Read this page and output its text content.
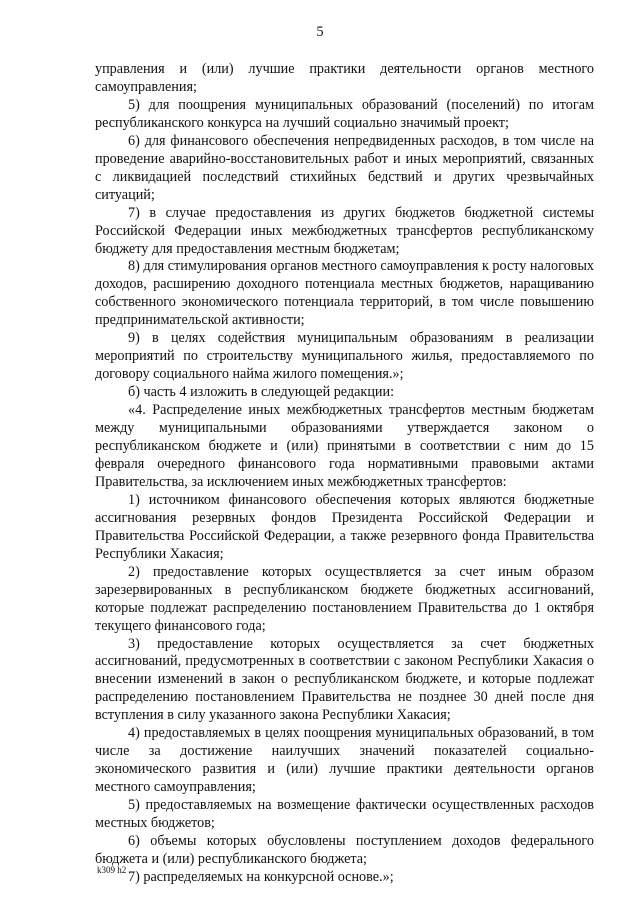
5

управления и (или) лучшие практики деятельности органов местного самоуправления;

5) для поощрения муниципальных образований (поселений) по итогам республиканского конкурса на лучший социально значимый проект;

6) для финансового обеспечения непредвиденных расходов, в том числе на проведение аварийно-восстановительных работ и иных мероприятий, связанных с ликвидацией последствий стихийных бедствий и других чрезвычайных ситуаций;

7) в случае предоставления из других бюджетов бюджетной системы Российской Федерации иных межбюджетных трансфертов республиканскому бюджету для предоставления местным бюджетам;

8) для стимулирования органов местного самоуправления к росту налоговых доходов, расширению доходного потенциала местных бюджетов, наращиванию собственного экономического потенциала территорий, в том числе повышению предпринимательской активности;

9) в целях содействия муниципальным образованиям в реализации мероприятий по строительству муниципального жилья, предоставляемого по договору социального найма жилого помещения.»;

б) часть 4 изложить в следующей редакции:

«4. Распределение иных межбюджетных трансфертов местным бюджетам между муниципальными образованиями утверждается законом о республиканском бюджете и (или) принятыми в соответствии с ним до 15 февраля очередного финансового года нормативными правовыми актами Правительства, за исключением иных межбюджетных трансфертов:

1) источником финансового обеспечения которых являются бюджетные ассигнования резервных фондов Президента Российской Федерации и Правительства Российской Федерации, а также резервного фонда Правительства Республики Хакасия;

2) предоставление которых осуществляется за счет иным образом зарезервированных в республиканском бюджете бюджетных ассигнований, которые подлежат распределению постановлением Правительства до 1 октября текущего финансового года;

3) предоставление которых осуществляется за счет бюджетных ассигнований, предусмотренных в соответствии с законом Республики Хакасия о внесении изменений в закон о республиканском бюджете, и которые подлежат распределению постановлением Правительства не позднее 30 дней после дня вступления в силу указанного закона Республики Хакасия;

4) предоставляемых в целях поощрения муниципальных образований, в том числе за достижение наилучших значений показателей социально-экономического развития и (или) лучшие практики деятельности органов местного самоуправления;

5) предоставляемых на возмещение фактически осуществленных расходов местных бюджетов;

6) объемы которых обусловлены поступлением доходов федерального бюджета и (или) республиканского бюджета;

7) распределяемых на конкурсной основе.»;

k309 h2
